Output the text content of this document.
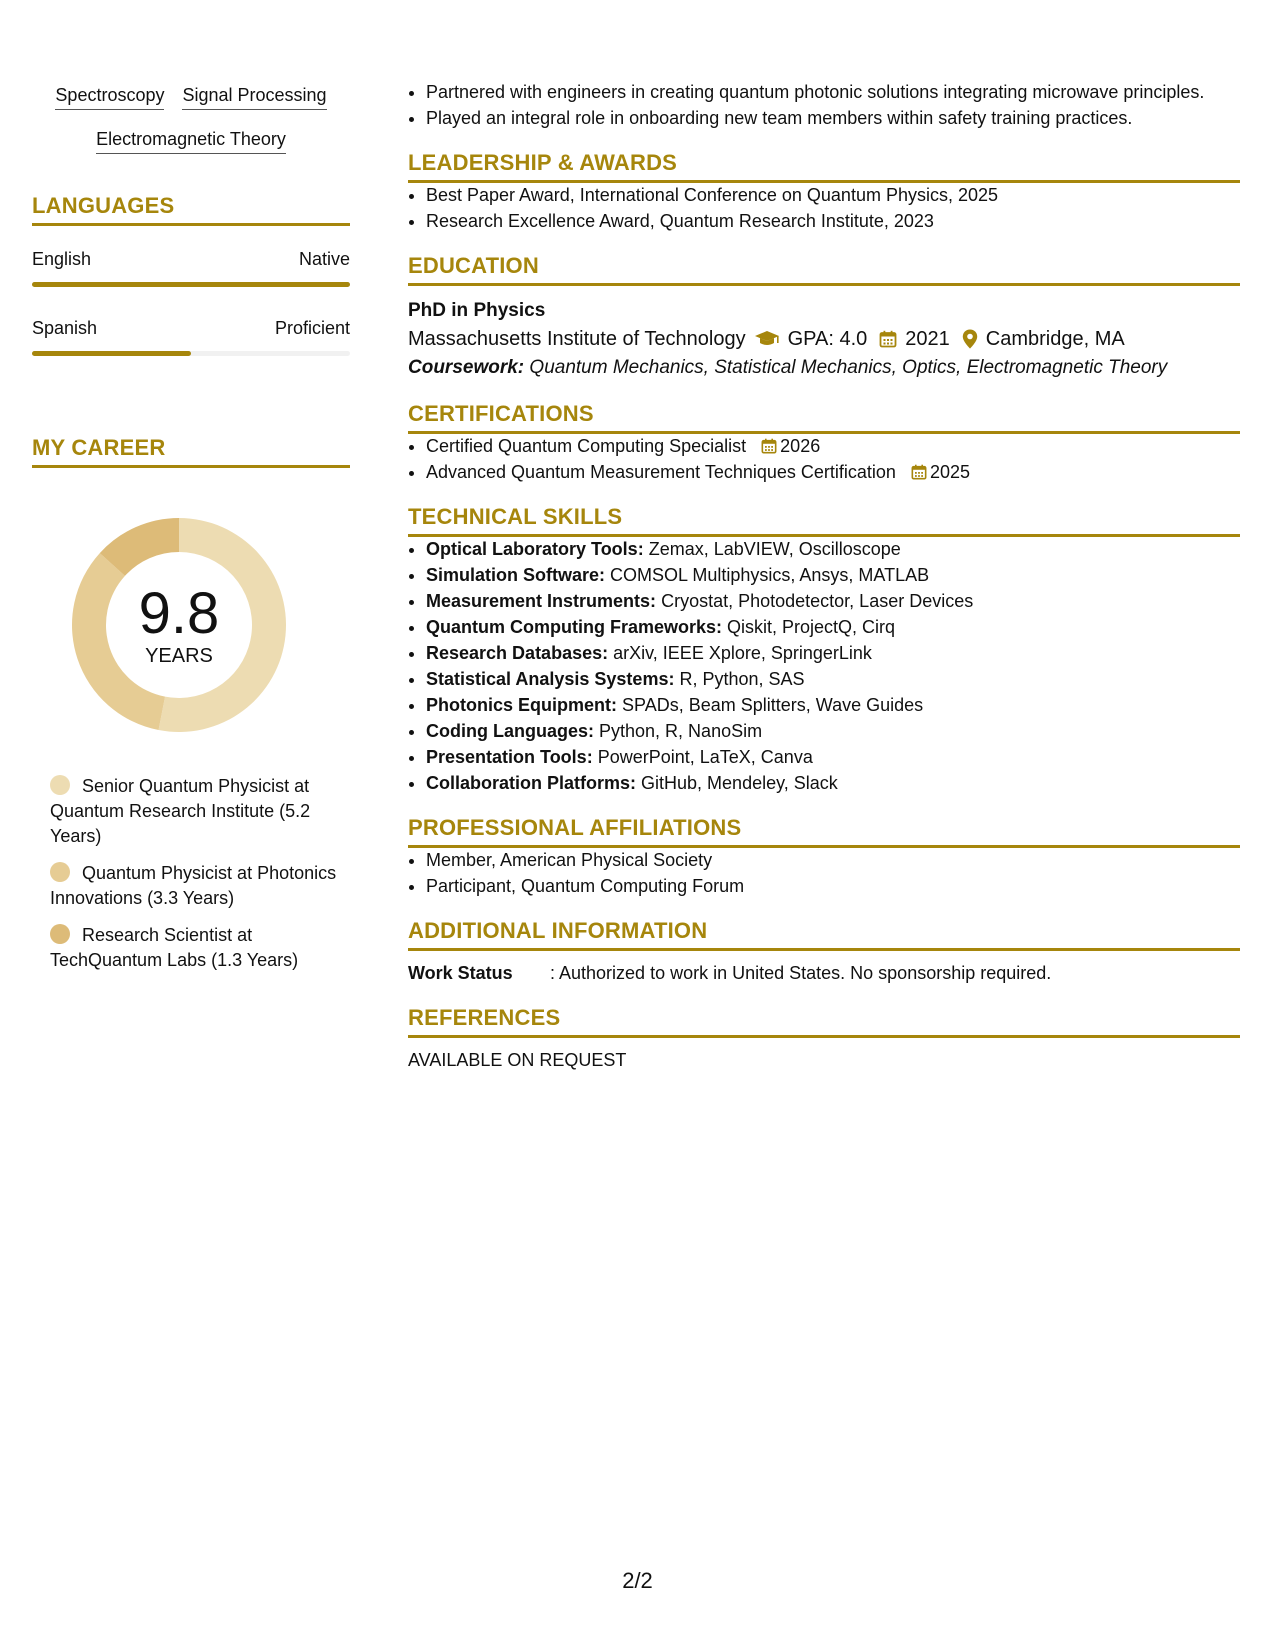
Spectroscopy Signal Processing
Electromagnetic Theory
LANGUAGES
English	Native
Spanish	Proficient
MY CAREER
9.8
YEARS
Senior Quantum Physicist at Quantum Research Institute (5.2 Years)
Quantum Physicist at Photonics Innovations (3.3 Years)
Research Scientist at TechQuantum Labs (1.3 Years)
• Partnered with engineers in creating quantum photonic solutions integrating microwave principles.
• Played an integral role in onboarding new team members within safety training practices.
LEADERSHIP & AWARDS
• Best Paper Award, International Conference on Quantum Physics, 2025
• Research Excellence Award, Quantum Research Institute, 2023
EDUCATION
PhD in Physics
Massachusetts Institute of Technology GPA: 4.0 2021 Cambridge, MA
Coursework: Quantum Mechanics, Statistical Mechanics, Optics, Electromagnetic Theory
CERTIFICATIONS
• Certified Quantum Computing Specialist 2026
• Advanced Quantum Measurement Techniques Certification 2025
TECHNICAL SKILLS
• Optical Laboratory Tools: Zemax, LabVIEW, Oscilloscope
• Simulation Software: COMSOL Multiphysics, Ansys, MATLAB
• Measurement Instruments: Cryostat, Photodetector, Laser Devices
• Quantum Computing Frameworks: Qiskit, ProjectQ, Cirq
• Research Databases: arXiv, IEEE Xplore, SpringerLink
• Statistical Analysis Systems: R, Python, SAS
• Photonics Equipment: SPADs, Beam Splitters, Wave Guides
• Coding Languages: Python, R, NanoSim
• Presentation Tools: PowerPoint, LaTeX, Canva
• Collaboration Platforms: GitHub, Mendeley, Slack
PROFESSIONAL AFFILIATIONS
• Member, American Physical Society
• Participant, Quantum Computing Forum
ADDITIONAL INFORMATION
Work Status	: Authorized to work in United States. No sponsorship required.
REFERENCES
AVAILABLE ON REQUEST
2/2
